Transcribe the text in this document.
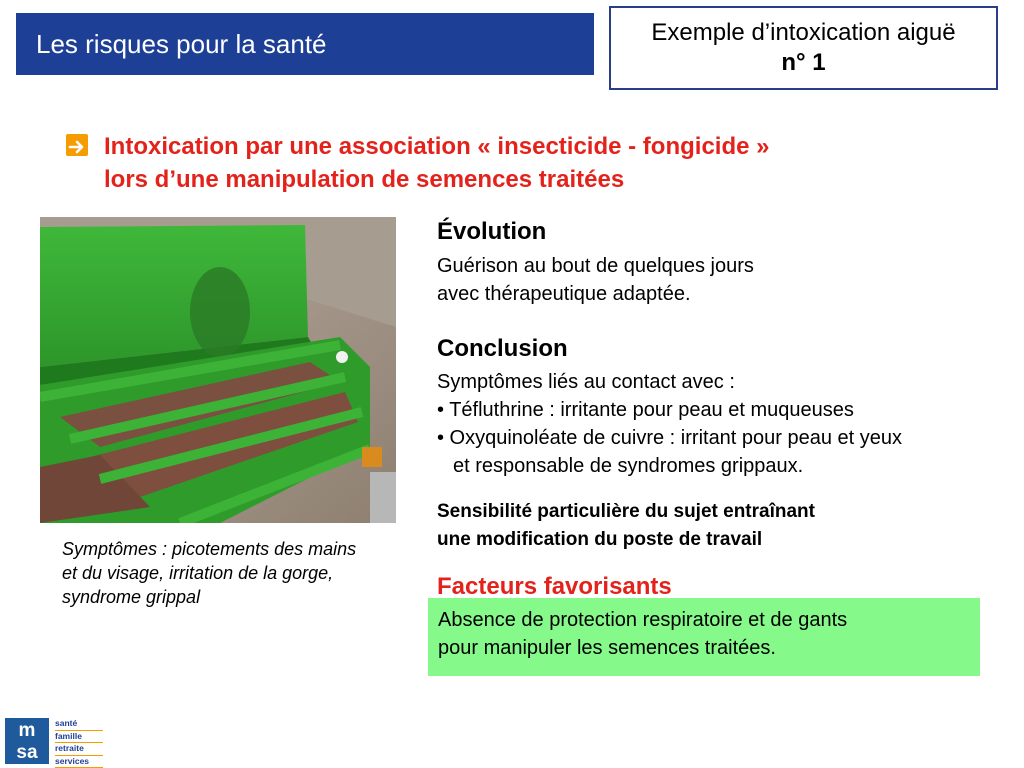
Les risques pour la santé	Exemple d’intoxication aiguë
n° 1
Intoxication par une association « insecticide - fongicide »
lors d’une manipulation de semences traitées
Symptômes : picotements des mains et du visage, irritation de la gorge, syndrome grippal
Évolution
Guérison au bout de quelques jours
avec thérapeutique adaptée.
Conclusion
Symptômes liés au contact avec :
• Téfluthrine : irritante pour peau et muqueuses
• Oxyquinoléate de cuivre : irritant pour peau et yeux
et responsable de syndromes grippaux.
Sensibilité particulière du sujet entraînant
une modification du poste de travail
Absence de protection respiratoire et de gants
pour manipuler les semences traitées.
Facteurs favorisants
m
sa
santé
famille
retraite
services
